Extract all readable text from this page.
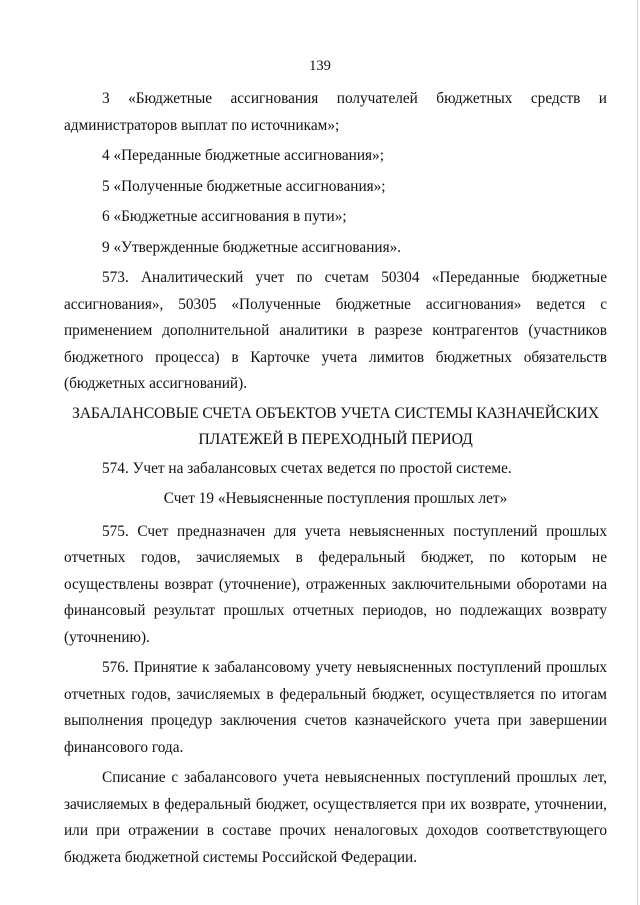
139

3 «Бюджетные ассигнования получателей бюджетных средств и администраторов выплат по источникам»;

4 «Переданные бюджетные ассигнования»;

5 «Полученные бюджетные ассигнования»;

6 «Бюджетные ассигнования в пути»;

9 «Утвержденные бюджетные ассигнования».

573. Аналитический учет по счетам 50304 «Переданные бюджетные ассигнования», 50305 «Полученные бюджетные ассигнования» ведется с применением дополнительной аналитики в разрезе контрагентов (участников бюджетного процесса) в Карточке учета лимитов бюджетных обязательств (бюджетных ассигнований).

ЗАБАЛАНСОВЫЕ СЧЕТА ОБЪЕКТОВ УЧЕТА СИСТЕМЫ КАЗНАЧЕЙСКИХ
ПЛАТЕЖЕЙ В ПЕРЕХОДНЫЙ ПЕРИОД

574. Учет на забалансовых счетах ведется по простой системе.

Счет 19 «Невыясненные поступления прошлых лет»

575. Счет предназначен для учета невыясненных поступлений прошлых отчетных годов, зачисляемых в федеральный бюджет, по которым не осуществлены возврат (уточнение), отраженных заключительными оборотами на финансовый результат прошлых отчетных периодов, но подлежащих возврату (уточнению).

576. Принятие к забалансовому учету невыясненных поступлений прошлых отчетных годов, зачисляемых в федеральный бюджет, осуществляется по итогам выполнения процедур заключения счетов казначейского учета при завершении финансового года.

Списание с забалансового учета невыясненных поступлений прошлых лет, зачисляемых в федеральный бюджет, осуществляется при их возврате, уточнении, или при отражении в составе прочих неналоговых доходов соответствующего бюджета бюджетной системы Российской Федерации.
